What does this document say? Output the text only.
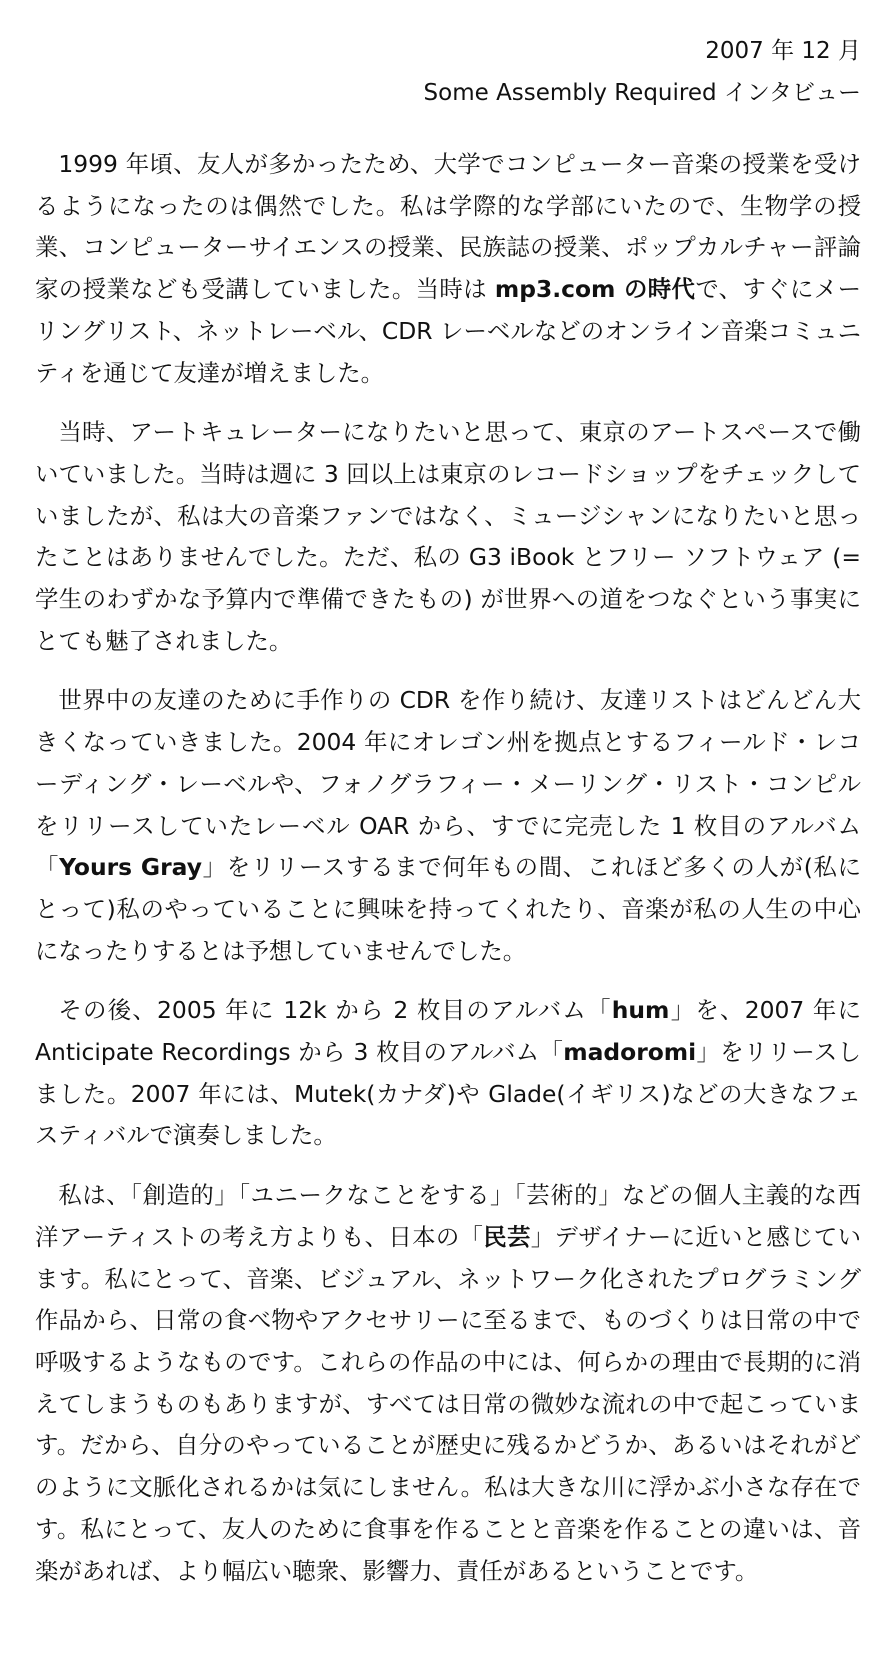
2007 年 12 月

Some Assembly Required インタビュー

1999 年頃、友人が多かったため、大学でコンピューター音楽の授業を受けるようになったのは偶然でした。私は学際的な学部にいたので、生物学の授業、コンピューターサイエンスの授業、民族誌の授業、ポップカルチャー評論家の授業なども受講していました。当時は mp3.com の時代で、すぐにメーリングリスト、ネットレーベル、CDR レーベルなどのオンライン音楽コミュニティを通じて友達が増えました。

当時、アートキュレーターになりたいと思って、東京のアートスペースで働いていました。当時は週に 3 回以上は東京のレコードショップをチェックしていましたが、私は大の音楽ファンではなく、ミュージシャンになりたいと思ったことはありませんでした。ただ、私の G3 iBook とフリー ソフトウェア (= 学生のわずかな予算内で準備できたもの) が世界への道をつなぐという事実にとても魅了されました。

世界中の友達のために手作りの CDR を作り続け、友達リストはどんどん大きくなっていきました。2004 年にオレゴン州を拠点とするフィールド・レコーディング・レーベルや、フォノグラフィー・メーリング・リスト・コンピルをリリースしていたレーベル OAR から、すでに完売した 1 枚目のアルバム「Yours Gray」をリリースするまで何年もの間、これほど多くの人が(私にとって)私のやっていることに興味を持ってくれたり、音楽が私の人生の中心になったりするとは予想していませんでした。

その後、2005 年に 12k から 2 枚目のアルバム「hum」を、2007 年に Anticipate Recordings から 3 枚目のアルバム「madoromi」をリリースしました。2007 年には、Mutek(カナダ)や Glade(イギリス)などの大きなフェスティバルで演奏しました。

私は、「創造的」「ユニークなことをする」「芸術的」などの個人主義的な西洋アーティストの考え方よりも、日本の「民芸」デザイナーに近いと感じています。私にとって、音楽、ビジュアル、ネットワーク化されたプログラミング作品から、日常の食べ物やアクセサリーに至るまで、ものづくりは日常の中で呼吸するようなものです。これらの作品の中には、何らかの理由で長期的に消えてしまうものもありますが、すべては日常の微妙な流れの中で起こっています。だから、自分のやっていることが歴史に残るかどうか、あるいはそれがどのように文脈化されるかは気にしません。私は大きな川に浮かぶ小さな存在です。私にとって、友人のために食事を作ることと音楽を作ることの違いは、音楽があれば、より幅広い聴衆、影響力、責任があるということです。
